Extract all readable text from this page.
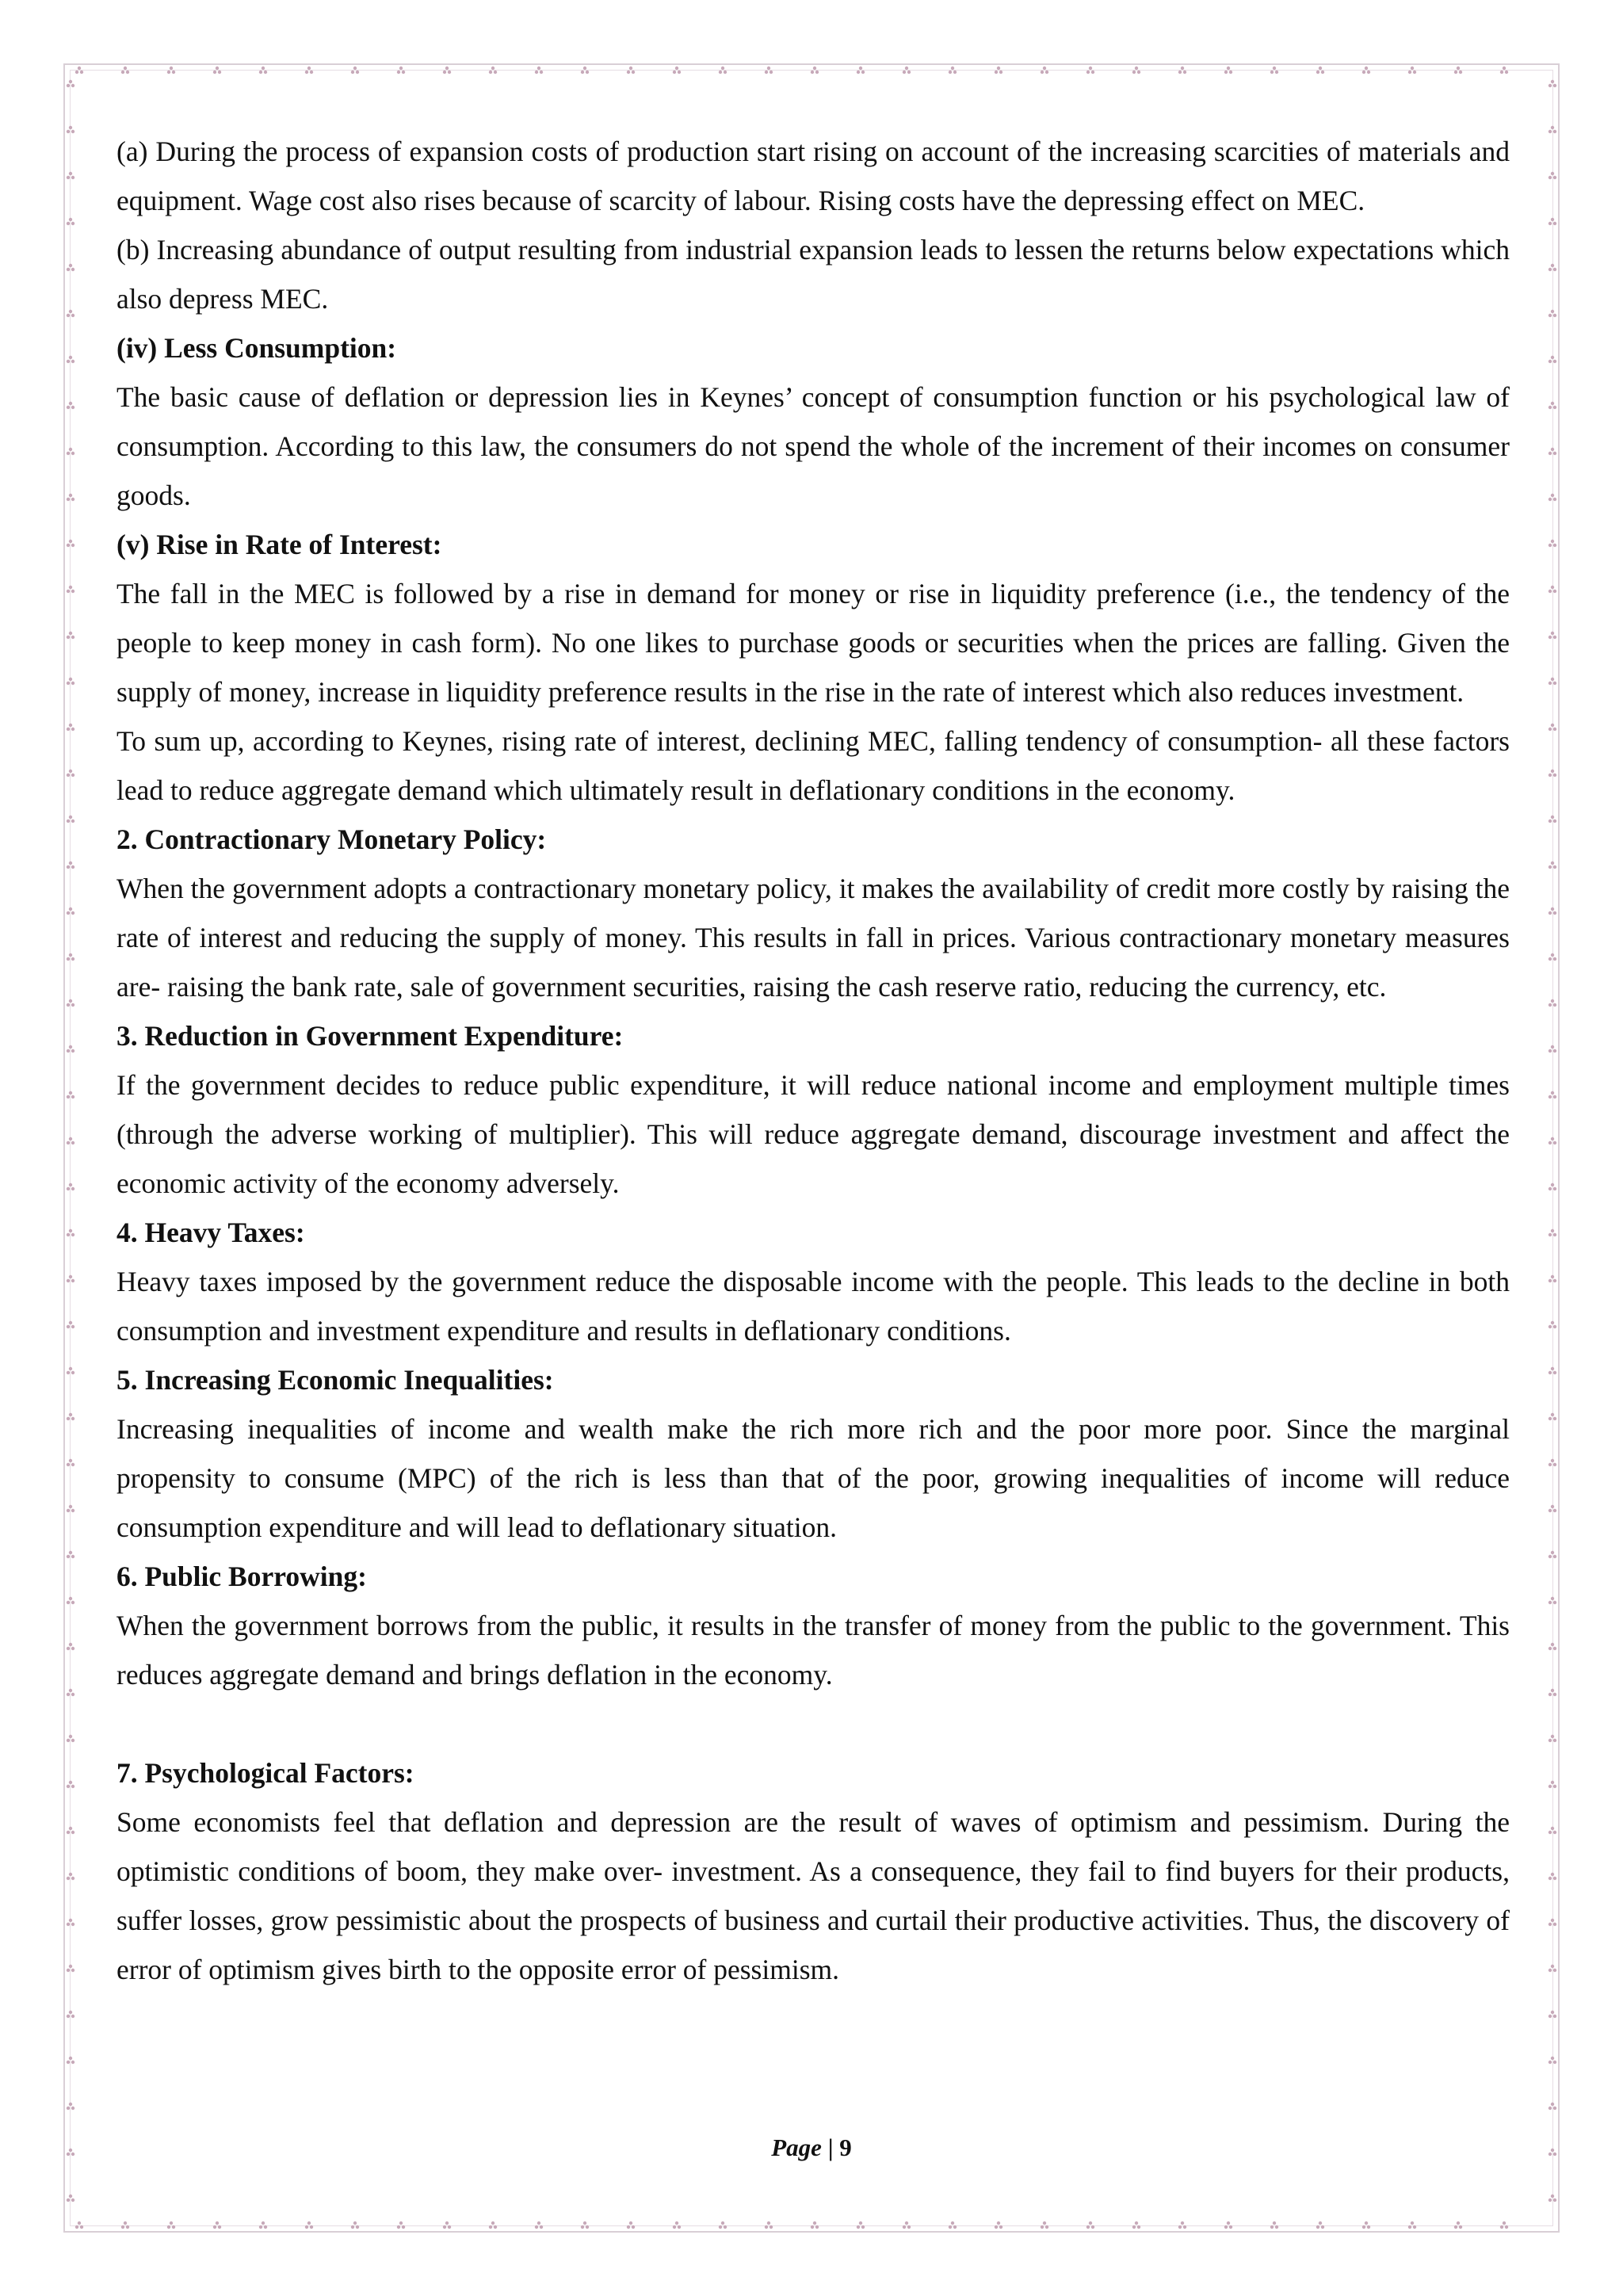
(a) During the process of expansion costs of production start rising on account of the increasing scarcities of materials and equipment. Wage cost also rises because of scarcity of labour. Rising costs have the depressing effect on MEC.

(b) Increasing abundance of output resulting from industrial expansion leads to lessen the returns below expectations which also depress MEC.

(iv) Less Consumption:

The basic cause of deflation or depression lies in Keynes’ concept of consumption function or his psychological law of consumption. According to this law, the consumers do not spend the whole of the increment of their incomes on consumer goods.

(v) Rise in Rate of Interest:

The fall in the MEC is followed by a rise in demand for money or rise in liquidity preference (i.e., the tendency of the people to keep money in cash form). No one likes to purchase goods or securities when the prices are falling. Given the supply of money, increase in liquidity preference results in the rise in the rate of interest which also reduces investment.

To sum up, according to Keynes, rising rate of interest, declining MEC, falling tendency of consumption- all these factors lead to reduce aggregate demand which ultimately result in deflationary conditions in the economy.

2. Contractionary Monetary Policy:

When the government adopts a contractionary monetary policy, it makes the availability of credit more costly by raising the rate of interest and reducing the supply of money. This results in fall in prices. Various contractionary monetary measures are- raising the bank rate, sale of government securities, raising the cash reserve ratio, reducing the currency, etc.

3. Reduction in Government Expenditure:

If the government decides to reduce public expenditure, it will reduce national income and employment multiple times (through the adverse working of multiplier). This will reduce aggregate demand, discourage investment and affect the economic activity of the economy adversely.

4. Heavy Taxes:

Heavy taxes imposed by the government reduce the disposable income with the people. This leads to the decline in both consumption and investment expenditure and results in deflationary conditions.

5. Increasing Economic Inequalities:

Increasing inequalities of income and wealth make the rich more rich and the poor more poor. Since the marginal propensity to consume (MPC) of the rich is less than that of the poor, growing inequalities of income will reduce consumption expenditure and will lead to deflationary situation.

6. Public Borrowing:

When the government borrows from the public, it results in the transfer of money from the public to the government. This reduces aggregate demand and brings deflation in the economy.

7. Psychological Factors:

Some economists feel that deflation and depression are the result of waves of optimism and pessimism. During the optimistic conditions of boom, they make over- investment. As a consequence, they fail to find buyers for their products, suffer losses, grow pessimistic about the prospects of business and curtail their productive activities. Thus, the discovery of error of optimism gives birth to the opposite error of pessimism.

Page | 9
